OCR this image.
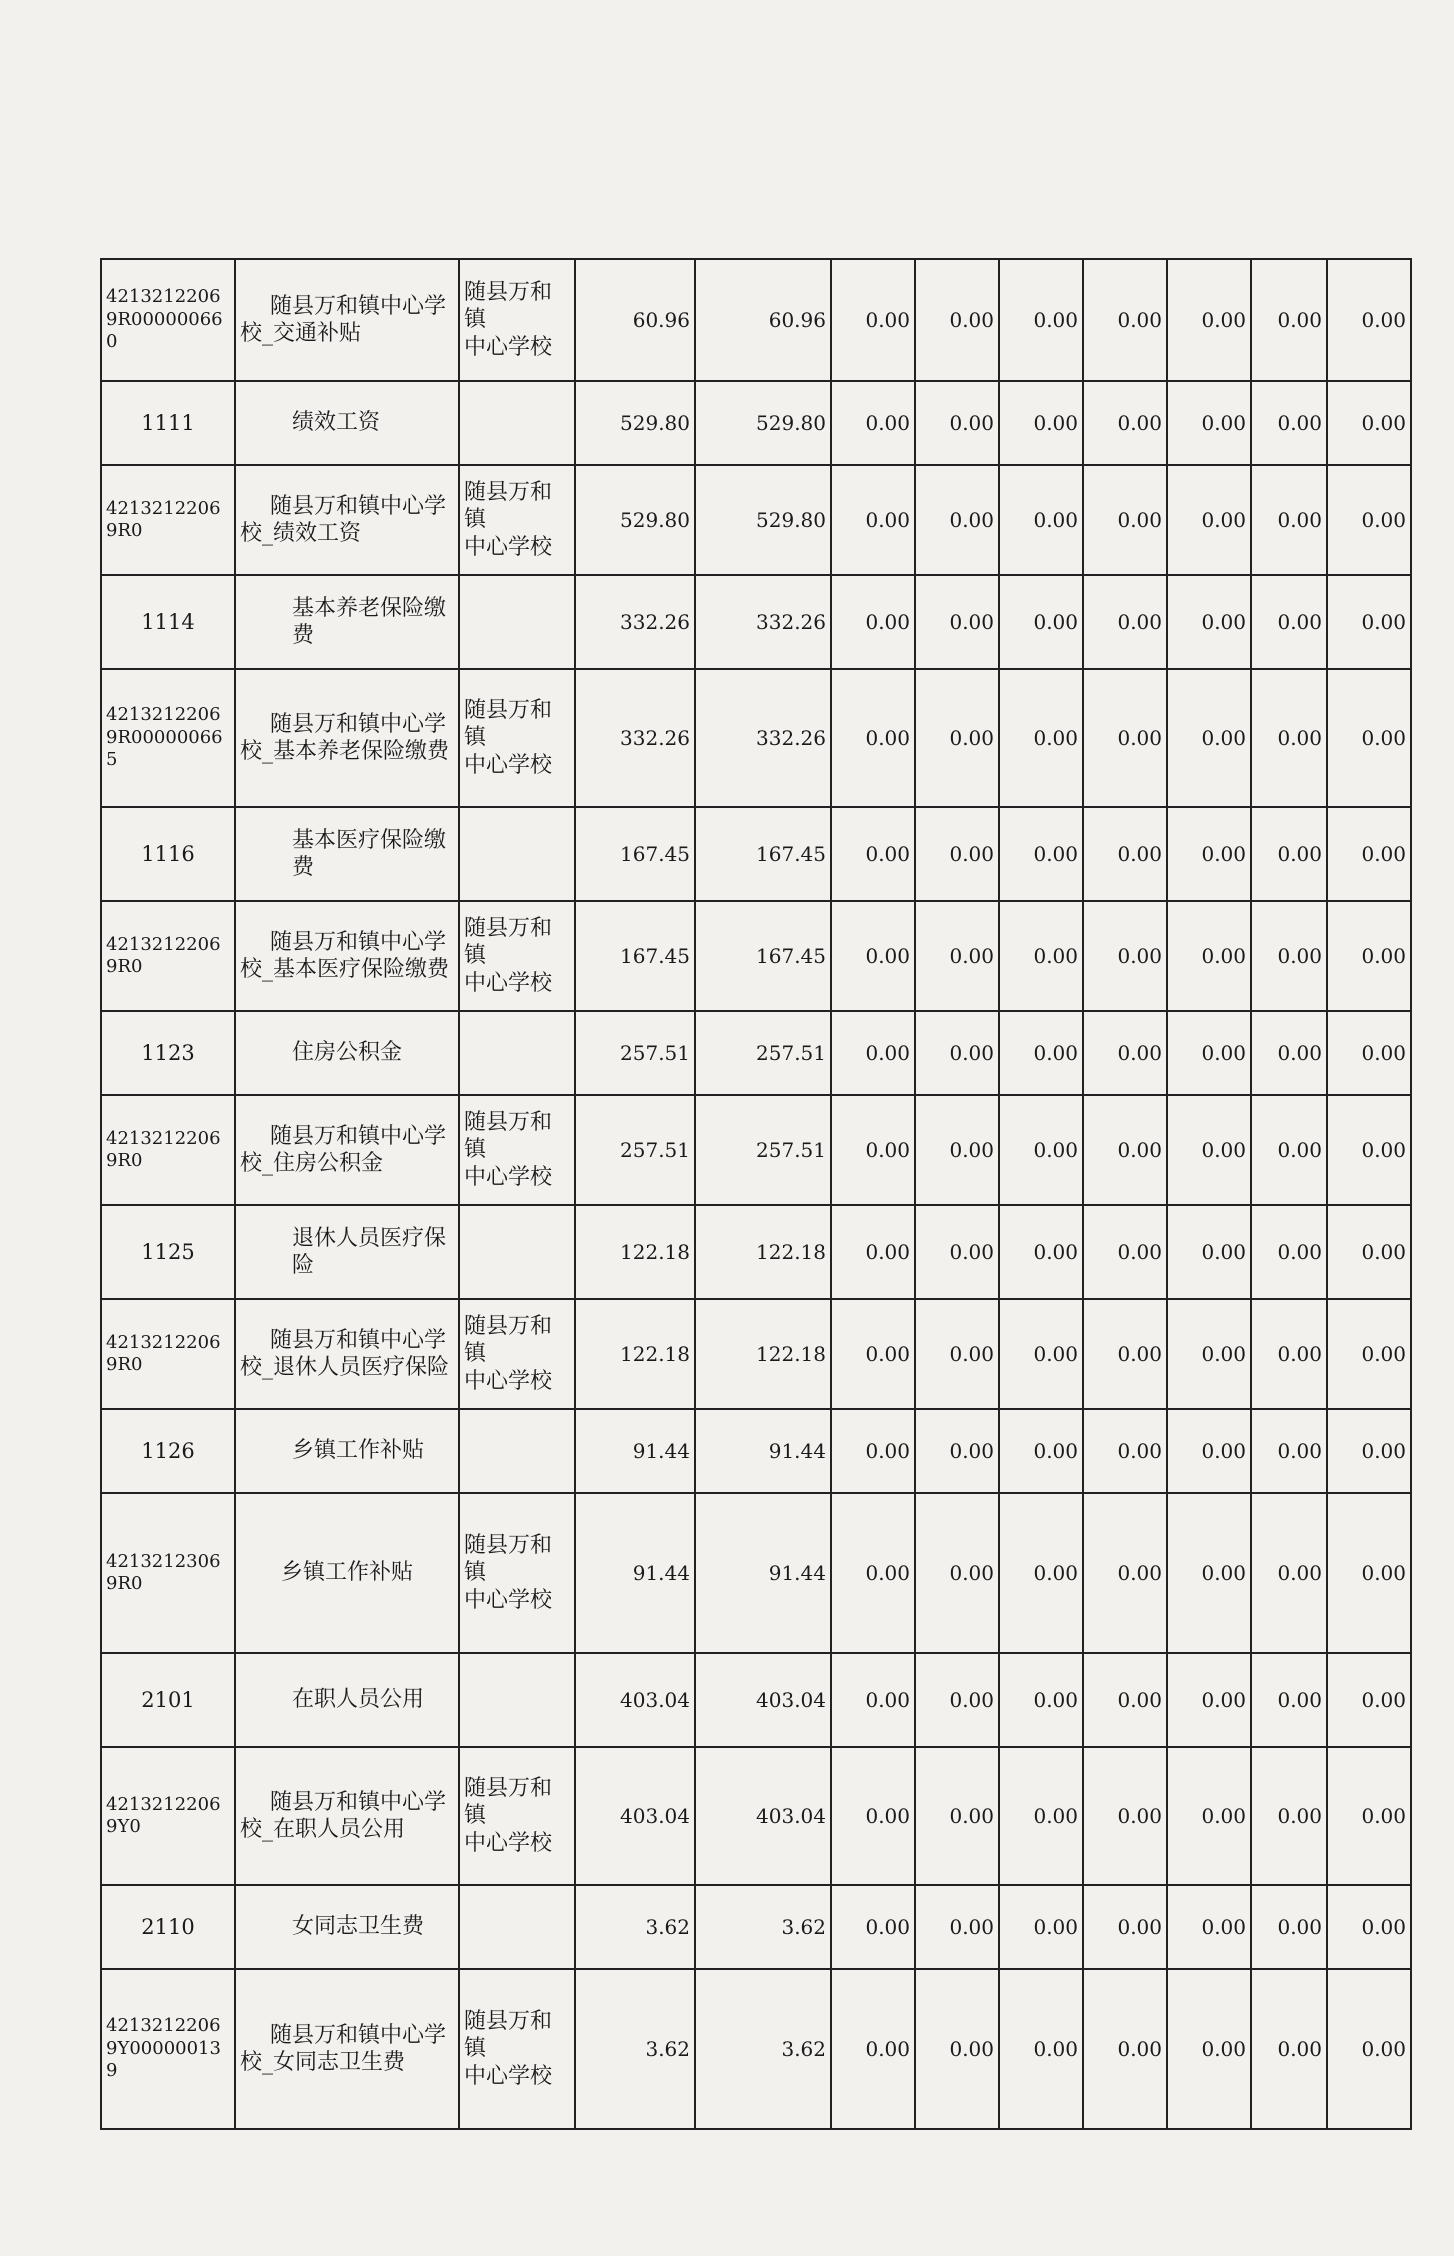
42132122069R000000660	随县万和镇中心学
校_交通补贴	随县万和镇
中心学校	60.96	60.96	0.00	0.00	0.00	0.00	0.00	0.00	0.00
1111	绩效工资		529.80	529.80	0.00	0.00	0.00	0.00	0.00	0.00	0.00
42132122069R0	随县万和镇中心学
校_绩效工资	随县万和镇
中心学校	529.80	529.80	0.00	0.00	0.00	0.00	0.00	0.00	0.00
1114	基本养老保险缴费		332.26	332.26	0.00	0.00	0.00	0.00	0.00	0.00	0.00
42132122069R000000665	随县万和镇中心学
校_基本养老保险缴费	随县万和镇
中心学校	332.26	332.26	0.00	0.00	0.00	0.00	0.00	0.00	0.00
1116	基本医疗保险缴费		167.45	167.45	0.00	0.00	0.00	0.00	0.00	0.00	0.00
42132122069R0	随县万和镇中心学
校_基本医疗保险缴费	随县万和镇
中心学校	167.45	167.45	0.00	0.00	0.00	0.00	0.00	0.00	0.00
1123	住房公积金		257.51	257.51	0.00	0.00	0.00	0.00	0.00	0.00	0.00
42132122069R0	随县万和镇中心学
校_住房公积金	随县万和镇
中心学校	257.51	257.51	0.00	0.00	0.00	0.00	0.00	0.00	0.00
1125	退休人员医疗保险		122.18	122.18	0.00	0.00	0.00	0.00	0.00	0.00	0.00
42132122069R0	随县万和镇中心学
校_退休人员医疗保险	随县万和镇
中心学校	122.18	122.18	0.00	0.00	0.00	0.00	0.00	0.00	0.00
1126	乡镇工作补贴		91.44	91.44	0.00	0.00	0.00	0.00	0.00	0.00	0.00
42132123069R0	乡镇工作补贴	随县万和镇
中心学校	91.44	91.44	0.00	0.00	0.00	0.00	0.00	0.00	0.00
2101	在职人员公用		403.04	403.04	0.00	0.00	0.00	0.00	0.00	0.00	0.00
42132122069Y0	随县万和镇中心学
校_在职人员公用	随县万和镇
中心学校	403.04	403.04	0.00	0.00	0.00	0.00	0.00	0.00	0.00
2110	女同志卫生费		3.62	3.62	0.00	0.00	0.00	0.00	0.00	0.00	0.00
42132122069Y000000139	随县万和镇中心学
校_女同志卫生费	随县万和镇
中心学校	3.62	3.62	0.00	0.00	0.00	0.00	0.00	0.00	0.00
